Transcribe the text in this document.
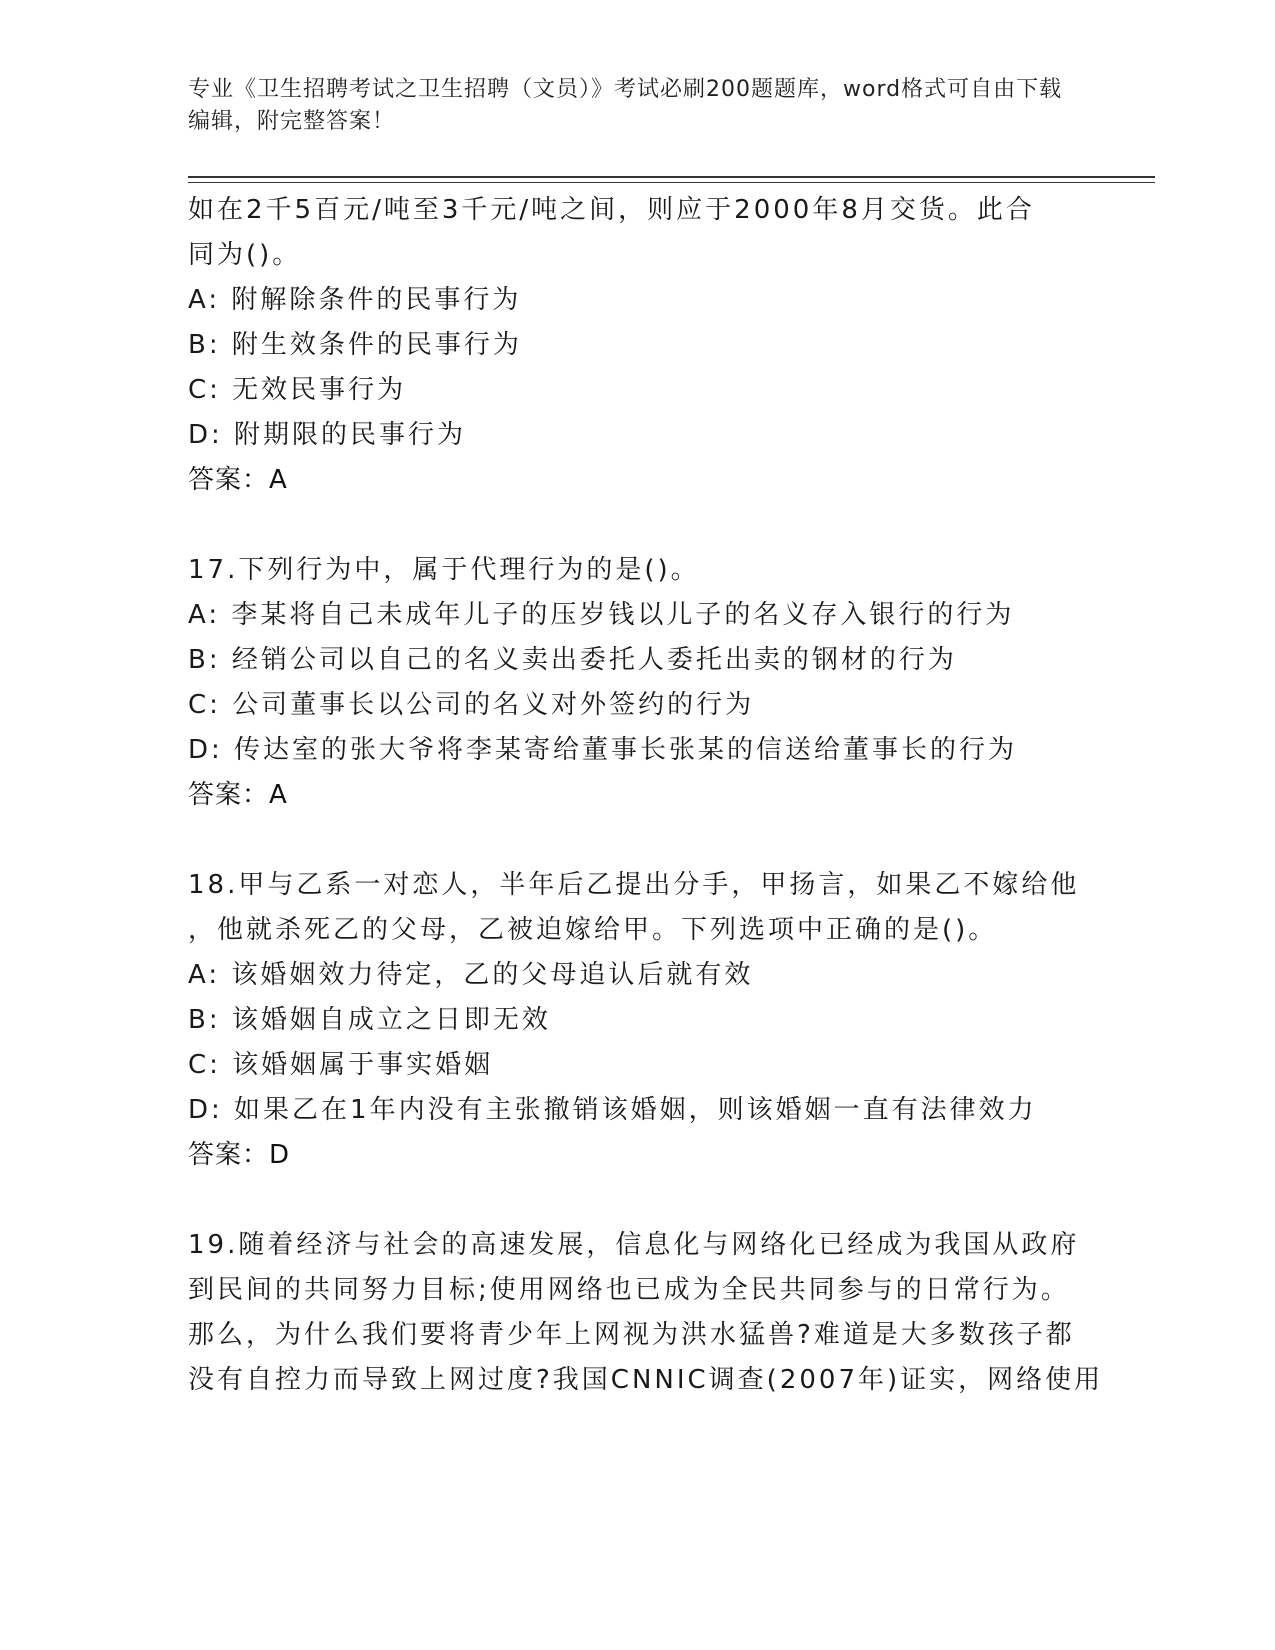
专业《卫生招聘考试之卫生招聘（文员）》考试必刷200题题库，word格式可自由下载编辑，附完整答案！
如在2千5百元/吨至3千元/吨之间，则应于2000年8月交货。此合
同为()。
A: 附解除条件的民事行为
B: 附生效条件的民事行为
C: 无效民事行为
D: 附期限的民事行为
答案：A
17.下列行为中，属于代理行为的是()。
A: 李某将自己未成年儿子的压岁钱以儿子的名义存入银行的行为
B: 经销公司以自己的名义卖出委托人委托出卖的钢材的行为
C: 公司董事长以公司的名义对外签约的行为
D: 传达室的张大爷将李某寄给董事长张某的信送给董事长的行为
答案：A
18.甲与乙系一对恋人，半年后乙提出分手，甲扬言，如果乙不嫁给他
，他就杀死乙的父母，乙被迫嫁给甲。下列选项中正确的是()。
A: 该婚姻效力待定，乙的父母追认后就有效
B: 该婚姻自成立之日即无效
C: 该婚姻属于事实婚姻
D: 如果乙在1年内没有主张撤销该婚姻，则该婚姻一直有法律效力
答案：D
19.随着经济与社会的高速发展，信息化与网络化已经成为我国从政府
到民间的共同努力目标;使用网络也已成为全民共同参与的日常行为。
那么，为什么我们要将青少年上网视为洪水猛兽?难道是大多数孩子都
没有自控力而导致上网过度?我国CNNIC调查(2007年)证实，网络使用
